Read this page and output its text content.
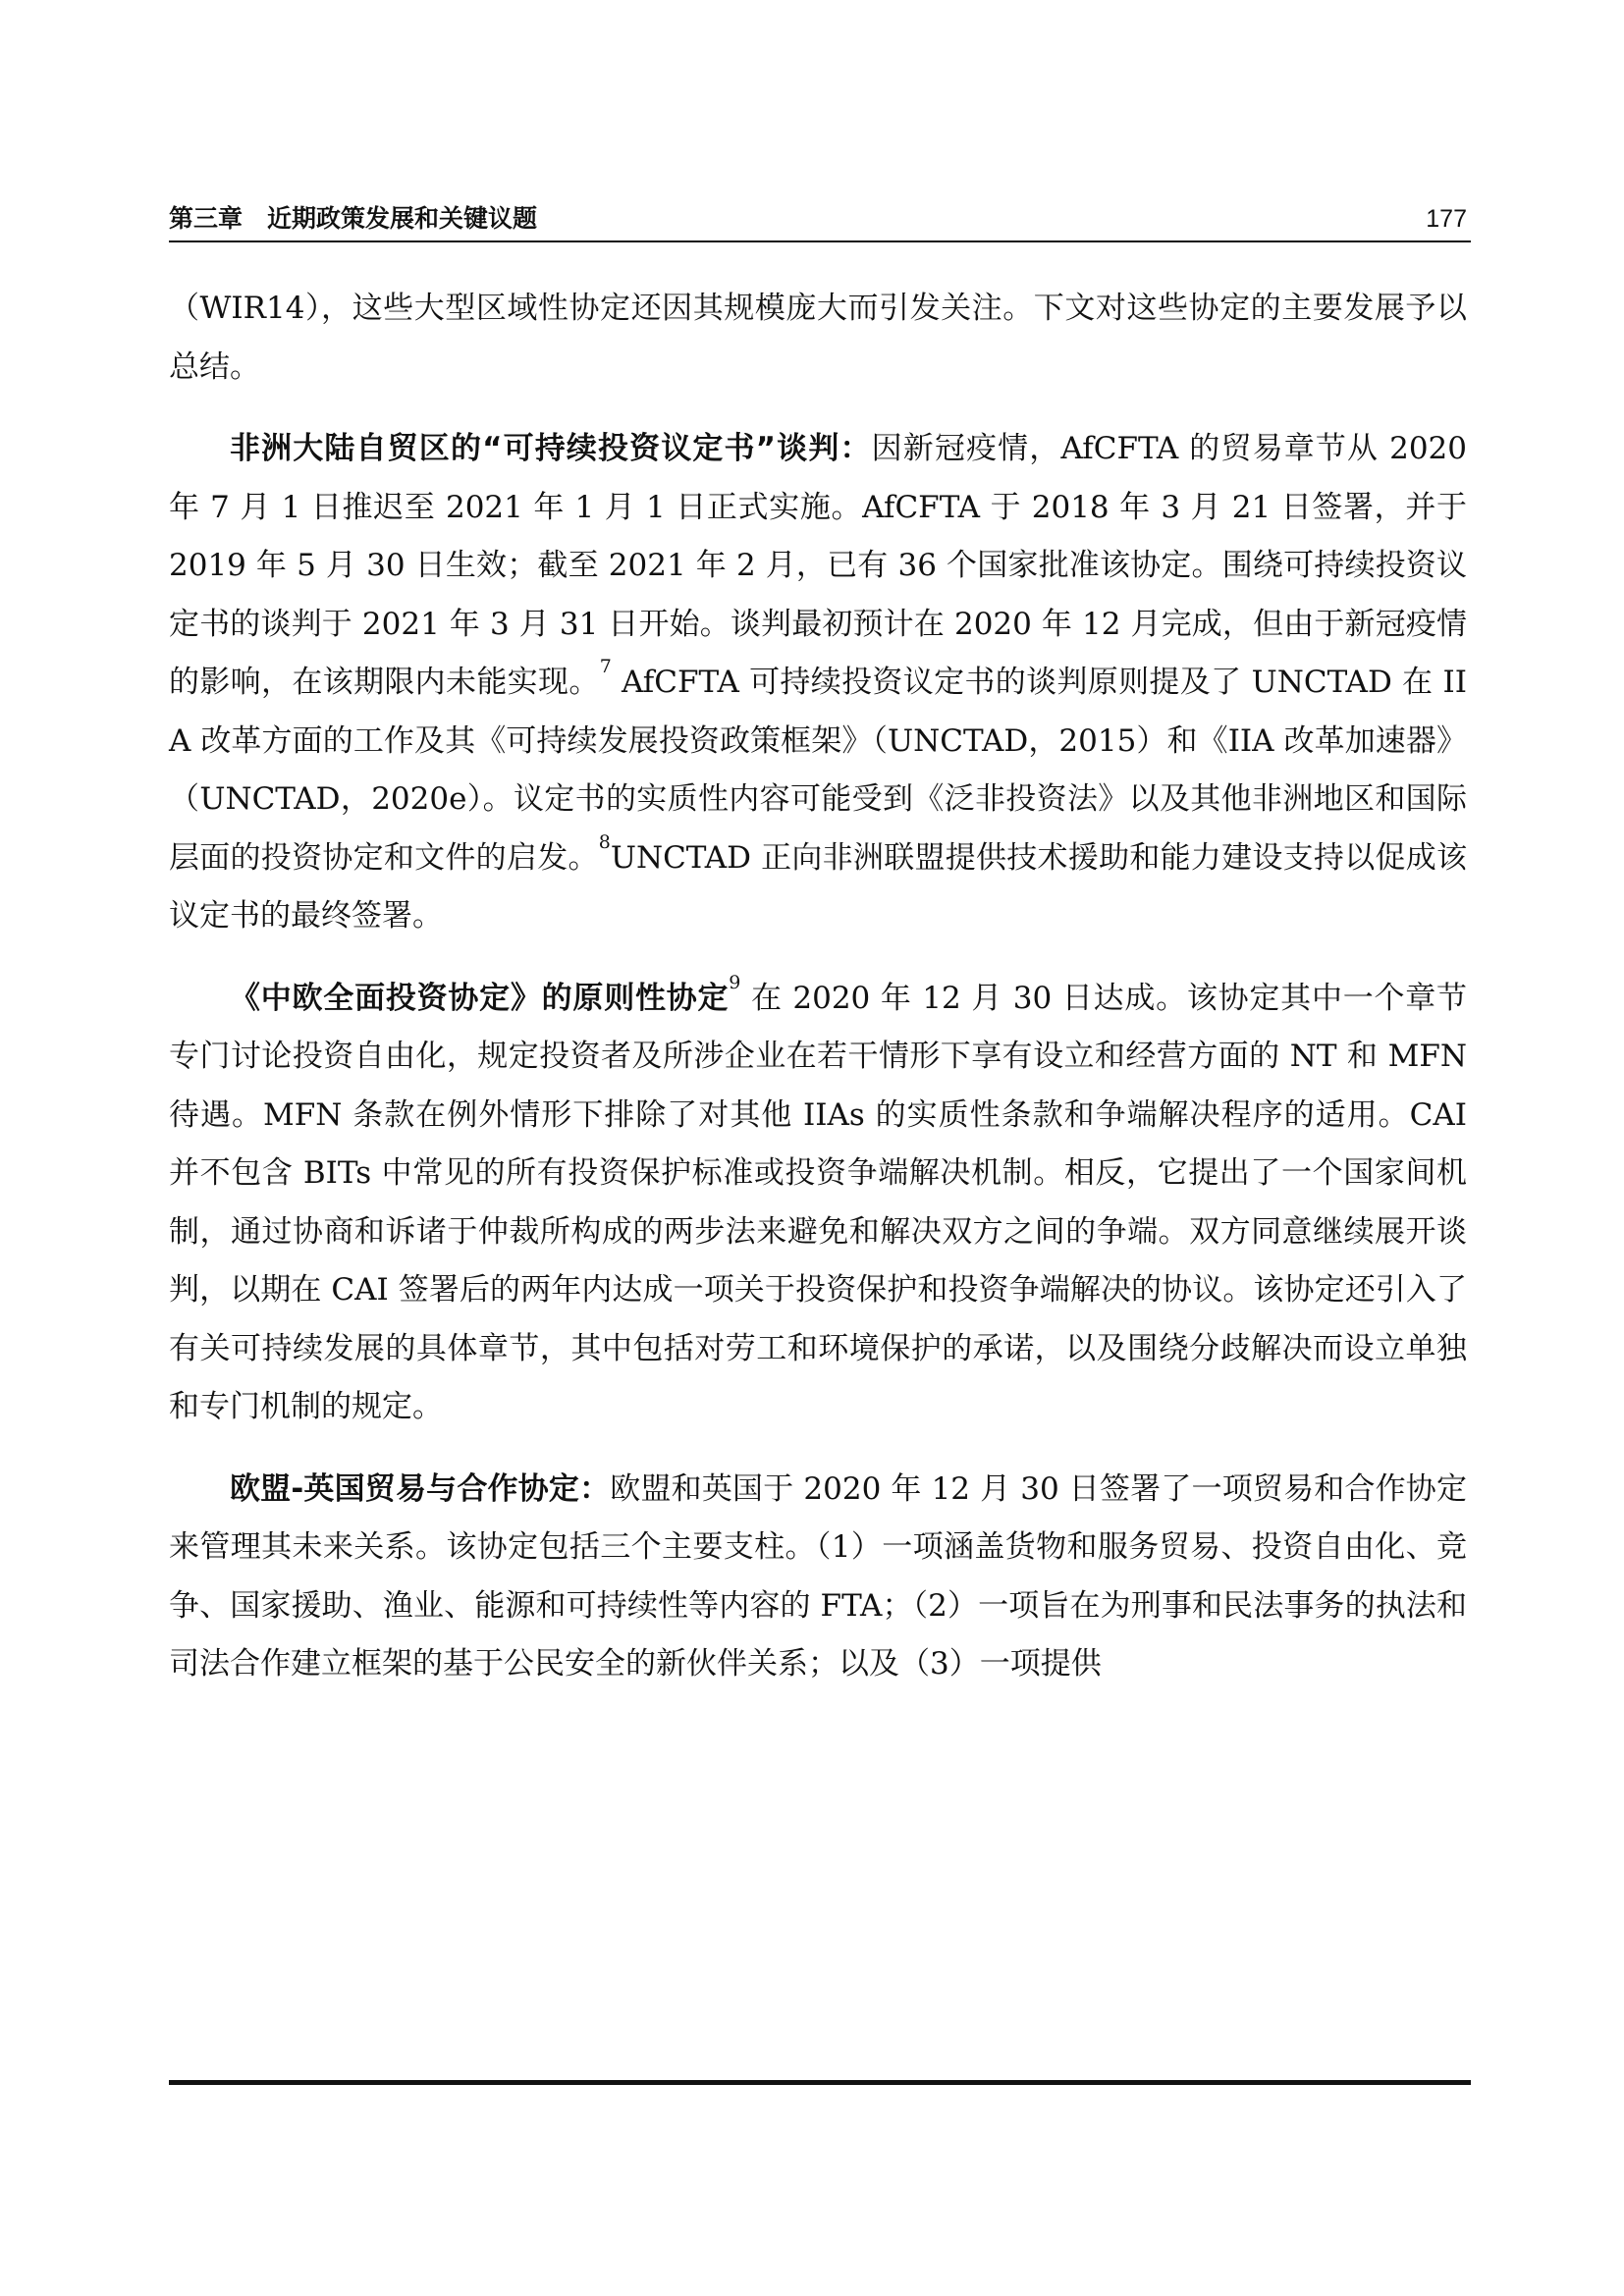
第三章　近期政策发展和关键议题	177

（WIR14），这些大型区域性协定还因其规模庞大而引发关注。下文对这些协定的主要发展予以总结。

非洲大陆自贸区的“可持续投资议定书”谈判：因新冠疫情，AfCFTA 的贸易章节从 2020 年 7 月 1 日推迟至 2021 年 1 月 1 日正式实施。AfCFTA 于 2018 年 3 月 21 日签署，并于 2019 年 5 月 30 日生效；截至 2021 年 2 月，已有 36 个国家批准该协定。围绕可持续投资议定书的谈判于 2021 年 3 月 31 日开始。谈判最初预计在 2020 年 12 月完成，但由于新冠疫情的影响，在该期限内未能实现。$^7$ AfCFTA 可持续投资议定书的谈判原则提及了 UNCTAD 在 IIA 改革方面的工作及其《可持续发展投资政策框架》（UNCTAD，2015）和《IIA 改革加速器》（UNCTAD，2020e）。议定书的实质性内容可能受到《泛非投资法》以及其他非洲地区和国际层面的投资协定和文件的启发。$^8$UNCTAD 正向非洲联盟提供技术援助和能力建设支持以促成该议定书的最终签署。

《中欧全面投资协定》的原则性协定$^9$ 在 2020 年 12 月 30 日达成。该协定其中一个章节专门讨论投资自由化，规定投资者及所涉企业在若干情形下享有设立和经营方面的 NT 和 MFN 待遇。MFN 条款在例外情形下排除了对其他 IIAs 的实质性条款和争端解决程序的适用。CAI 并不包含 BITs 中常见的所有投资保护标准或投资争端解决机制。相反，它提出了一个国家间机制，通过协商和诉诸于仲裁所构成的两步法来避免和解决双方之间的争端。双方同意继续展开谈判，以期在 CAI 签署后的两年内达成一项关于投资保护和投资争端解决的协议。该协定还引入了有关可持续发展的具体章节，其中包括对劳工和环境保护的承诺，以及围绕分歧解决而设立单独和专门机制的规定。

欧盟-英国贸易与合作协定：欧盟和英国于 2020 年 12 月 30 日签署了一项贸易和合作协定来管理其未来关系。该协定包括三个主要支柱。（1）一项涵盖货物和服务贸易、投资自由化、竞争、国家援助、渔业、能源和可持续性等内容的 FTA；（2）一项旨在为刑事和民法事务的执法和司法合作建立框架的基于公民安全的新伙伴关系；以及（3）一项提供
